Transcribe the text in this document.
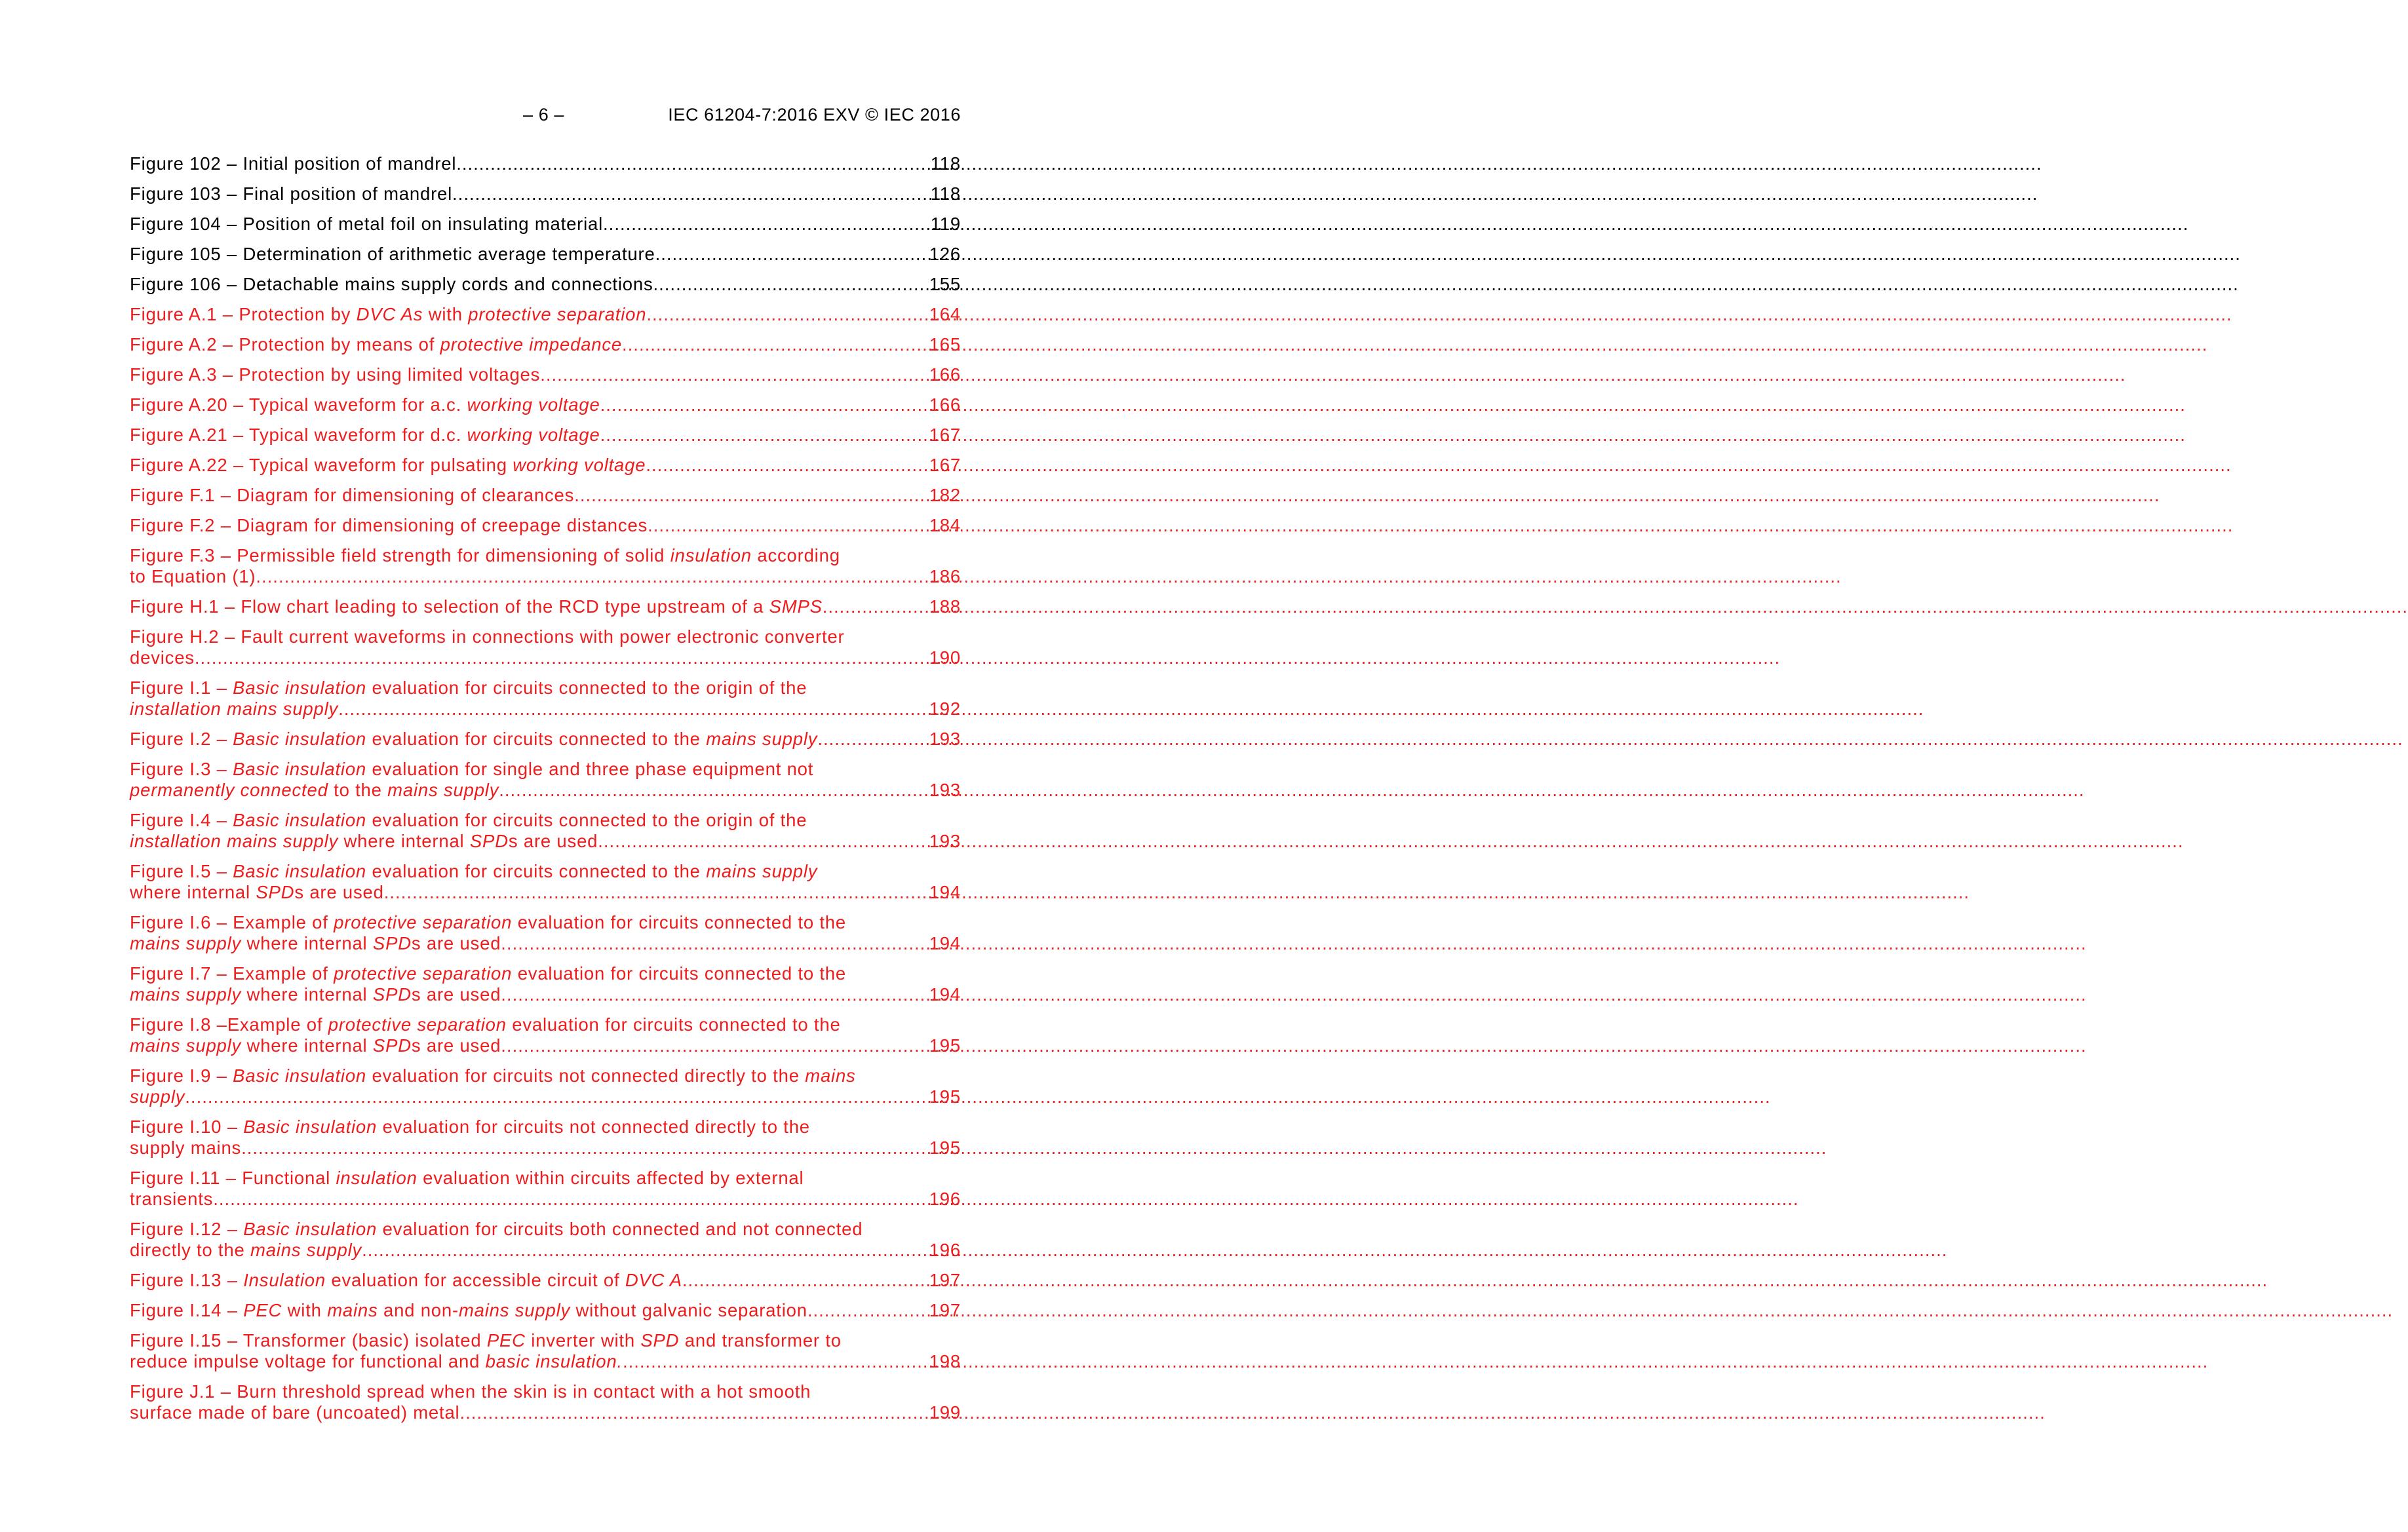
– 6 –	IEC 61204-7:2016 EXV © IEC 2016
Figure 102 – Initial position of mandrel .....	118
Figure 103 – Final position of mandrel .....	118
Figure 104 – Position of metal foil on insulating material .....	119
Figure 105 – Determination of arithmetic average temperature .....	126
Figure 106 – Detachable mains supply cords and connections .....	155
Figure A.1 – Protection by DVC As with protective separation .....	164
Figure A.2 – Protection by means of protective impedance .....	165
Figure A.3 – Protection by using limited voltages .....	166
Figure A.20 – Typical waveform for a.c. working voltage .....	166
Figure A.21 – Typical waveform for d.c. working voltage .....	167
Figure A.22 – Typical waveform for pulsating working voltage .....	167
Figure F.1 – Diagram for dimensioning of clearances .....	182
Figure F.2 – Diagram for dimensioning of creepage distances .....	184
Figure F.3 – Permissible field strength for dimensioning of solid insulation according
to Equation (1) .....	186
Figure H.1 – Flow chart leading to selection of the RCD type upstream of a SMPS .....	188
Figure H.2 – Fault current waveforms in connections with power electronic converter
devices .....	190
Figure I.1 – Basic insulation evaluation for circuits connected to the origin of the
installation mains supply .....	192
Figure I.2 – Basic insulation evaluation for circuits connected to the mains supply .....	193
Figure I.3 – Basic insulation evaluation for single and three phase equipment not
permanently connected to the mains supply .....	193
Figure I.4 – Basic insulation evaluation for circuits connected to the origin of the
installation mains supply where internal SPDs are used .....	193
Figure I.5 – Basic insulation evaluation for circuits connected to the mains supply
where internal SPDs are used .....	194
Figure I.6 – Example of protective separation evaluation for circuits connected to the
mains supply where internal SPDs are used .....	194
Figure I.7 – Example of protective separation evaluation for circuits connected to the
mains supply where internal SPDs are used .....	194
Figure I.8 –Example of protective separation evaluation for circuits connected to the
mains supply where internal SPDs are used .....	195
Figure I.9 – Basic insulation evaluation for circuits not connected directly to the mains
supply .....	195
Figure I.10 – Basic insulation evaluation for circuits not connected directly to the
supply mains .....	195
Figure I.11 – Functional insulation evaluation within circuits affected by external
transients .....	196
Figure I.12 – Basic insulation evaluation for circuits both connected and not connected
directly to the mains supply .....	196
Figure I.13 – Insulation evaluation for accessible circuit of DVC A .....	197
Figure I.14 – PEC with mains and non-mains supply without galvanic separation .....	197
Figure I.15 – Transformer (basic) isolated PEC inverter with SPD and transformer to
reduce impulse voltage for functional and basic insulation. .....	198
Figure J.1 – Burn threshold spread when the skin is in contact with a hot smooth
surface made of bare (uncoated) metal .....	199
